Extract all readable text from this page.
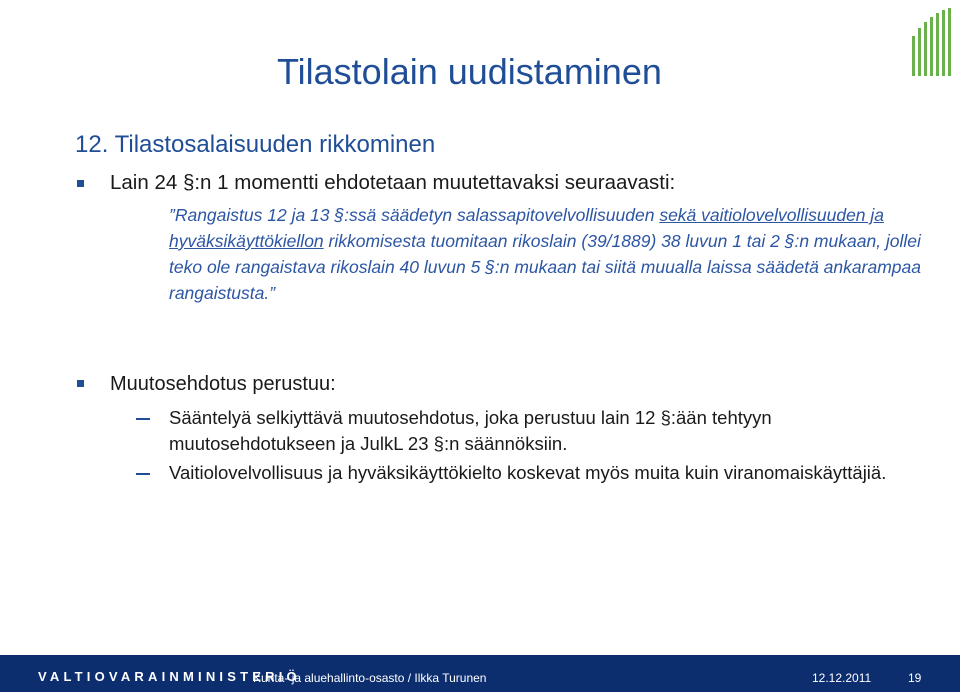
Tilastolain uudistaminen
12. Tilastosalaisuuden rikkominen
Lain 24 §:n 1 momentti ehdotetaan muutettavaksi seuraavasti:
”Rangaistus 12 ja 13 §:ssä säädetyn salassapitovelvollisuuden sekä vaitiolovelvollisuuden ja hyväksikäyttökiellon rikkomisesta tuomitaan rikoslain (39/1889) 38 luvun 1 tai 2 §:n mukaan, jollei teko ole rangaistava rikoslain 40 luvun 5 §:n mukaan tai siitä muualla laissa säädetä ankarampaa rangaistusta.”
Muutosehdotus perustuu:
Sääntelyä selkiyttävä muutosehdotus, joka perustuu lain 12 §:ään tehtyyn muutosehdotukseen ja JulkL 23 §:n säännöksiin.
Vaitiolovelvollisuus ja hyväksikäyttökielto koskevat myös muita kuin viranomaiskäyttäjiä.
VALTIOVARAINMINISTERIÖ
Kunta- ja aluehallinto-osasto / Ilkka Turunen	12.12.2011	19
